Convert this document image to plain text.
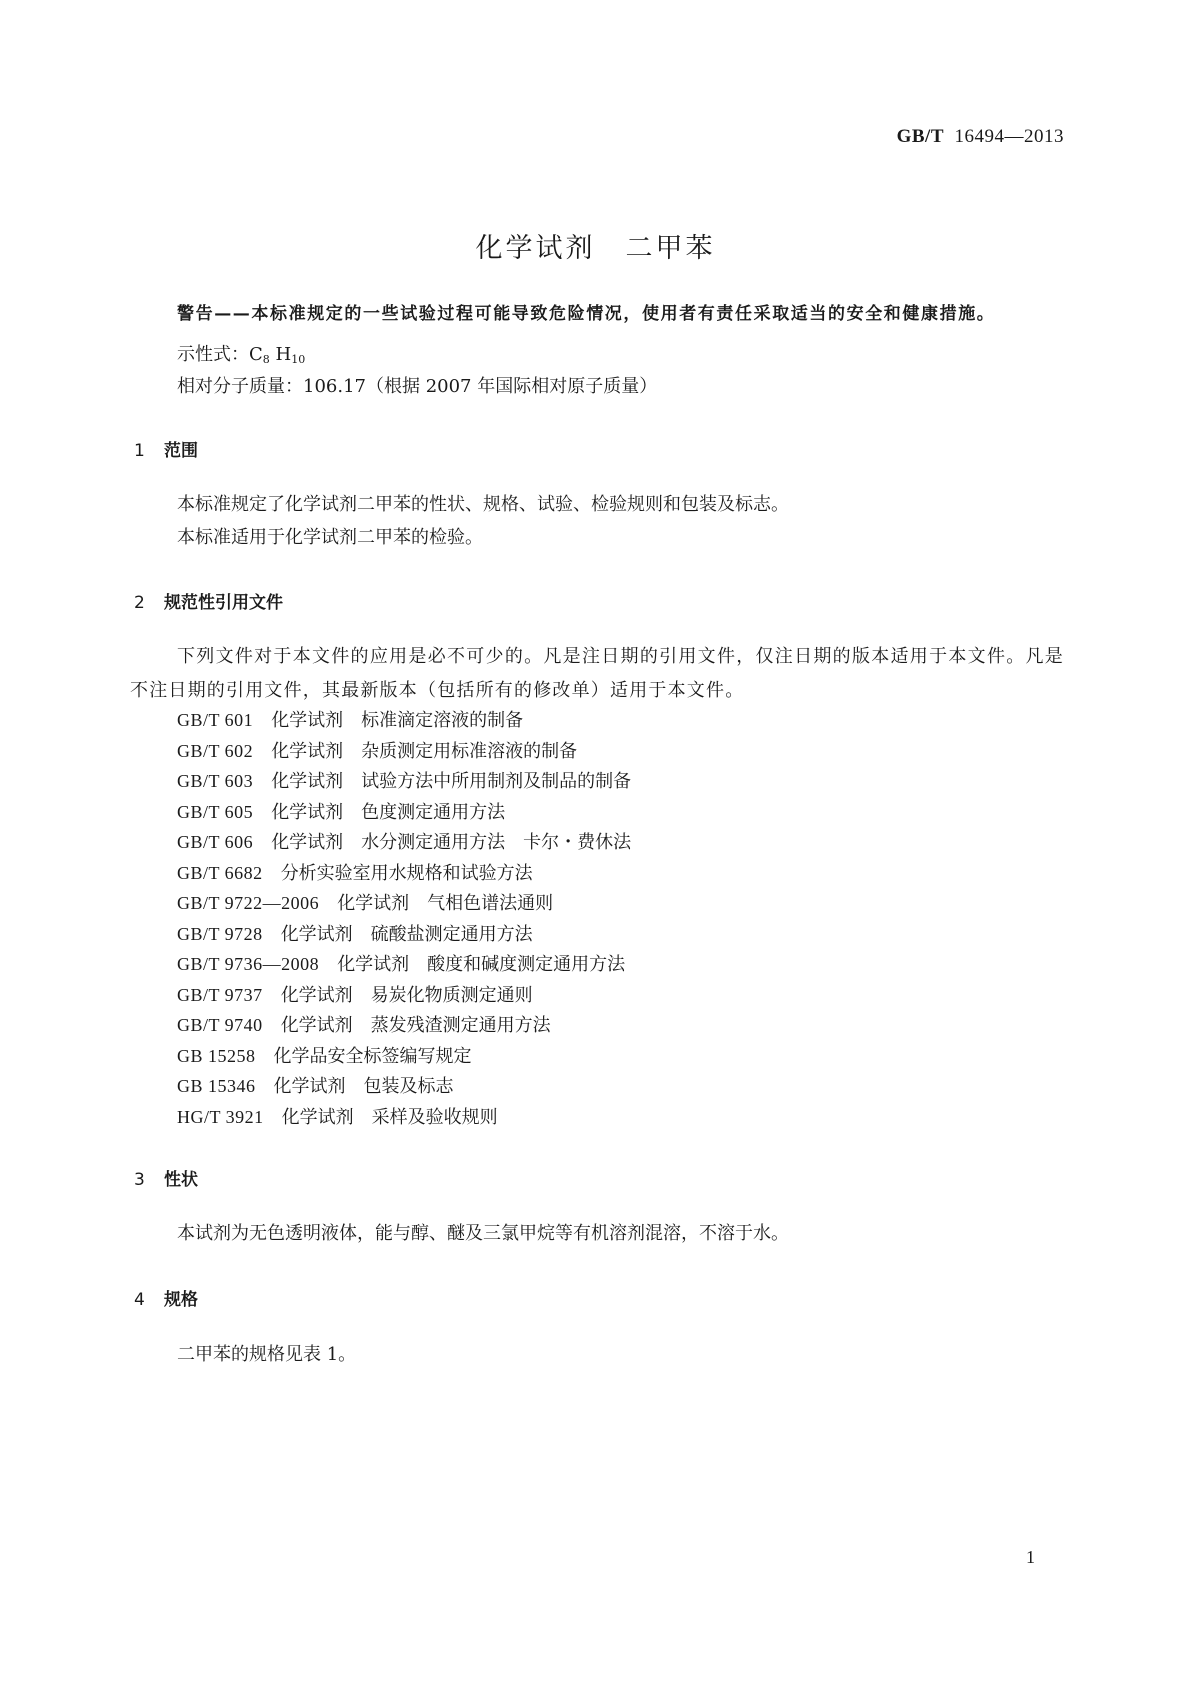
GB/T 16494—2013
化学试剂　二甲苯
警告——本标准规定的一些试验过程可能导致危险情况，使用者有责任采取适当的安全和健康措施。
示性式：$C_8$ $H_{10}$
相对分子质量：106.17（根据 2007 年国际相对原子质量）
1 范围
本标准规定了化学试剂二甲苯的性状、规格、试验、检验规则和包装及标志。
本标准适用于化学试剂二甲苯的检验。
2 规范性引用文件
下列文件对于本文件的应用是必不可少的。凡是注日期的引用文件，仅注日期的版本适用于本文件。凡是不注日期的引用文件，其最新版本（包括所有的修改单）适用于本文件。
GB/T 601　 化学试剂　标准滴定溶液的制备
GB/T 602　 化学试剂　杂质测定用标准溶液的制备
GB/T 603　 化学试剂　试验方法中所用制剂及制品的制备
GB/T 605　 化学试剂　色度测定通用方法
GB/T 606　 化学试剂　水分测定通用方法　卡尔・费休法
GB/T 6682　 分析实验室用水规格和试验方法
GB/T 9722—2006　 化学试剂　气相色谱法通则
GB/T 9728　 化学试剂　硫酸盐测定通用方法
GB/T 9736—2008　 化学试剂　酸度和碱度测定通用方法
GB/T 9737　 化学试剂　易炭化物质测定通则
GB/T 9740　 化学试剂　蒸发残渣测定通用方法
GB 15258　 化学品安全标签编写规定
GB 15346　 化学试剂　包装及标志
HG/T 3921　 化学试剂　采样及验收规则
3 性状
本试剂为无色透明液体，能与醇、醚及三氯甲烷等有机溶剂混溶，不溶于水。
4 规格
二甲苯的规格见表 1。
1
